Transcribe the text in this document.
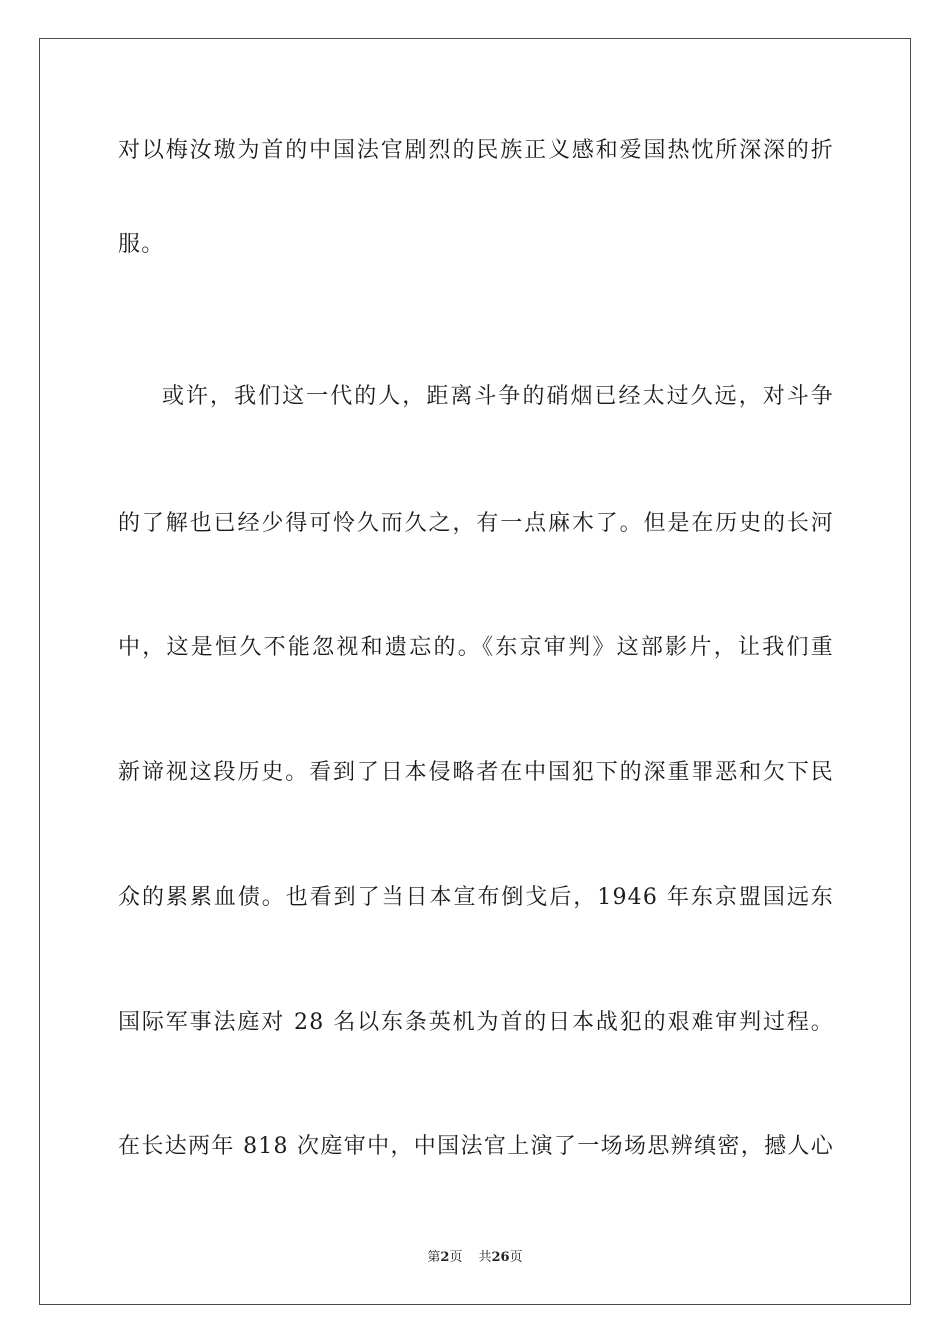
对以梅汝璈为首的中国法官剧烈的民族正义感和爱国热忱所深深的折
服。
或许，我们这一代的人，距离斗争的硝烟已经太过久远，对斗争
的了解也已经少得可怜久而久之，有一点麻木了。但是在历史的长河
中，这是恒久不能忽视和遗忘的。《东京审判》这部影片，让我们重
新谛视这段历史。看到了日本侵略者在中国犯下的深重罪恶和欠下民
众的累累血债。也看到了当日本宣布倒戈后，1946 年东京盟国远东
国际军事法庭对 28 名以东条英机为首的日本战犯的艰难审判过程。
在长达两年 818 次庭审中，中国法官上演了一场场思辨缜密，撼人心
第2页 共26页
